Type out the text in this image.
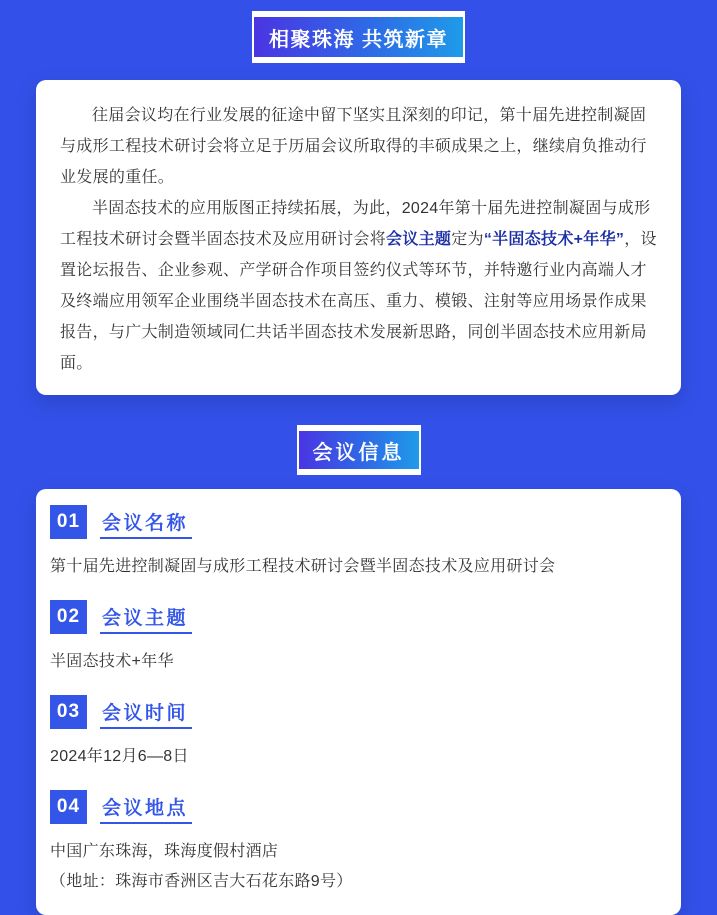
相聚珠海 共筑新章

往届会议均在行业发展的征途中留下坚实且深刻的印记，第十届先进控制凝固与成形工程技术研讨会将立足于历届会议所取得的丰硕成果之上，继续肩负推动行业发展的重任。

半固态技术的应用版图正持续拓展，为此，2024年第十届先进控制凝固与成形工程技术研讨会暨半固态技术及应用研讨会将会议主题定为“半固态技术+年华”，设置论坛报告、企业参观、产学研合作项目签约仪式等环节，并特邀行业内高端人才及终端应用领军企业围绕半固态技术在高压、重力、模锻、注射等应用场景作成果报告，与广大制造领域同仁共话半固态技术发展新思路，同创半固态技术应用新局面。

会议信息
01	会议名称
第十届先进控制凝固与成形工程技术研讨会暨半固态技术及应用研讨会
02	会议主题
半固态技术+年华
03	会议时间
2024年12月6—8日
04	会议地点
中国广东珠海，珠海度假村酒店
（地址：珠海市香洲区吉大石花东路9号）
